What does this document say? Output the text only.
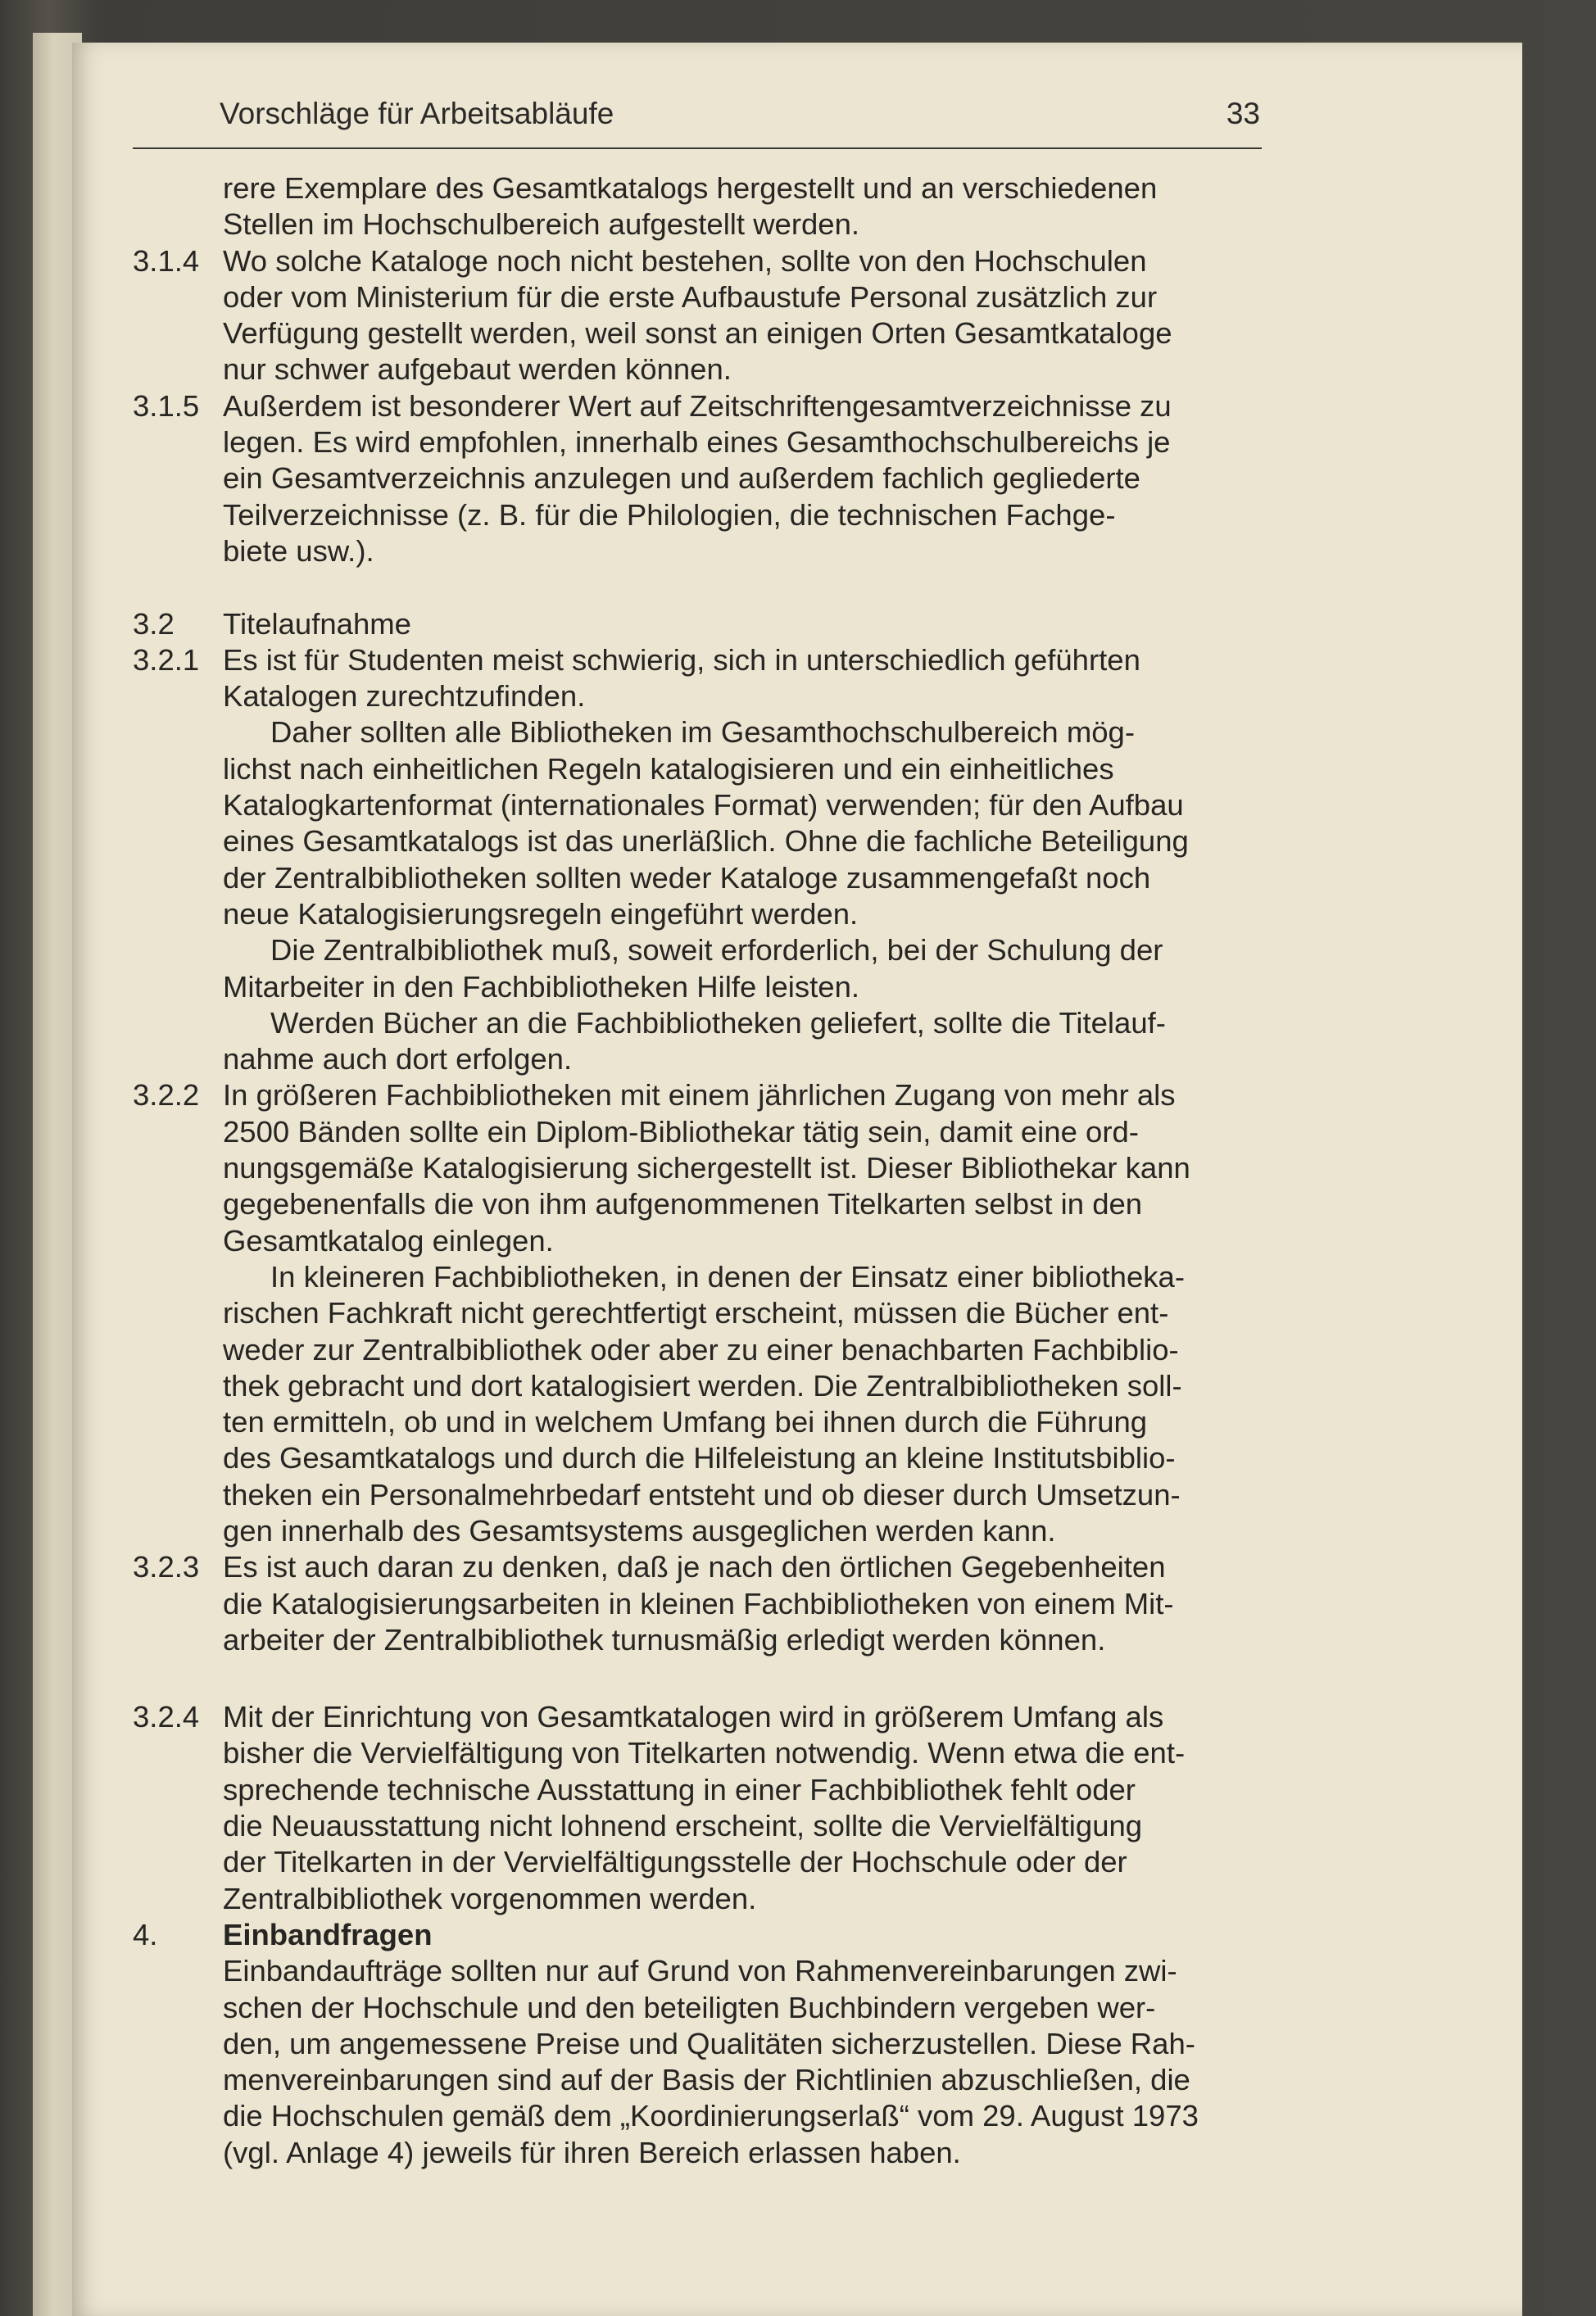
Vorschläge für Arbeitsabläufe	33
rere Exemplare des Gesamtkatalogs hergestellt und an verschiedenen
Stellen im Hochschulbereich aufgestellt werden.
3.1.4 Wo solche Kataloge noch nicht bestehen, sollte von den Hochschulen
oder vom Ministerium für die erste Aufbaustufe Personal zusätzlich zur
Verfügung gestellt werden, weil sonst an einigen Orten Gesamtkataloge
nur schwer aufgebaut werden können.
3.1.5 Außerdem ist besonderer Wert auf Zeitschriftengesamtverzeichnisse zu
legen. Es wird empfohlen, innerhalb eines Gesamthochschulbereichs je
ein Gesamtverzeichnis anzulegen und außerdem fachlich gegliederte
Teilverzeichnisse (z. B. für die Philologien, die technischen Fachge-
biete usw.).
3.2	Titelaufnahme
3.2.1 Es ist für Studenten meist schwierig, sich in unterschiedlich geführten
Katalogen zurechtzufinden.
Daher sollten alle Bibliotheken im Gesamthochschulbereich mög-
lichst nach einheitlichen Regeln katalogisieren und ein einheitliches
Katalogkartenformat (internationales Format) verwenden; für den Aufbau
eines Gesamtkatalogs ist das unerläßlich. Ohne die fachliche Beteiligung
der Zentralbibliotheken sollten weder Kataloge zusammengefaßt noch
neue Katalogisierungsregeln eingeführt werden.
Die Zentralbibliothek muß, soweit erforderlich, bei der Schulung der
Mitarbeiter in den Fachbibliotheken Hilfe leisten.
Werden Bücher an die Fachbibliotheken geliefert, sollte die Titelauf-
nahme auch dort erfolgen.
3.2.2 In größeren Fachbibliotheken mit einem jährlichen Zugang von mehr als
2500 Bänden sollte ein Diplom-Bibliothekar tätig sein, damit eine ord-
nungsgemäße Katalogisierung sichergestellt ist. Dieser Bibliothekar kann
gegebenenfalls die von ihm aufgenommenen Titelkarten selbst in den
Gesamtkatalog einlegen.
In kleineren Fachbibliotheken, in denen der Einsatz einer bibliotheka-
rischen Fachkraft nicht gerechtfertigt erscheint, müssen die Bücher ent-
weder zur Zentralbibliothek oder aber zu einer benachbarten Fachbiblio-
thek gebracht und dort katalogisiert werden. Die Zentralbibliotheken soll-
ten ermitteln, ob und in welchem Umfang bei ihnen durch die Führung
des Gesamtkatalogs und durch die Hilfeleistung an kleine Institutsbiblio-
theken ein Personalmehrbedarf entsteht und ob dieser durch Umsetzun-
gen innerhalb des Gesamtsystems ausgeglichen werden kann.
3.2.3 Es ist auch daran zu denken, daß je nach den örtlichen Gegebenheiten
die Katalogisierungsarbeiten in kleinen Fachbibliotheken von einem Mit-
arbeiter der Zentralbibliothek turnusmäßig erledigt werden können.
3.2.4 Mit der Einrichtung von Gesamtkatalogen wird in größerem Umfang als
bisher die Vervielfältigung von Titelkarten notwendig. Wenn etwa die ent-
sprechende technische Ausstattung in einer Fachbibliothek fehlt oder
die Neuausstattung nicht lohnend erscheint, sollte die Vervielfältigung
der Titelkarten in der Vervielfältigungsstelle der Hochschule oder der
Zentralbibliothek vorgenommen werden.
4.	Einbandfragen
Einbandaufträge sollten nur auf Grund von Rahmenvereinbarungen zwi-
schen der Hochschule und den beteiligten Buchbindern vergeben wer-
den, um angemessene Preise und Qualitäten sicherzustellen. Diese Rah-
menvereinbarungen sind auf der Basis der Richtlinien abzuschließen, die
die Hochschulen gemäß dem „Koordinierungserlaß“ vom 29. August 1973
(vgl. Anlage 4) jeweils für ihren Bereich erlassen haben.
